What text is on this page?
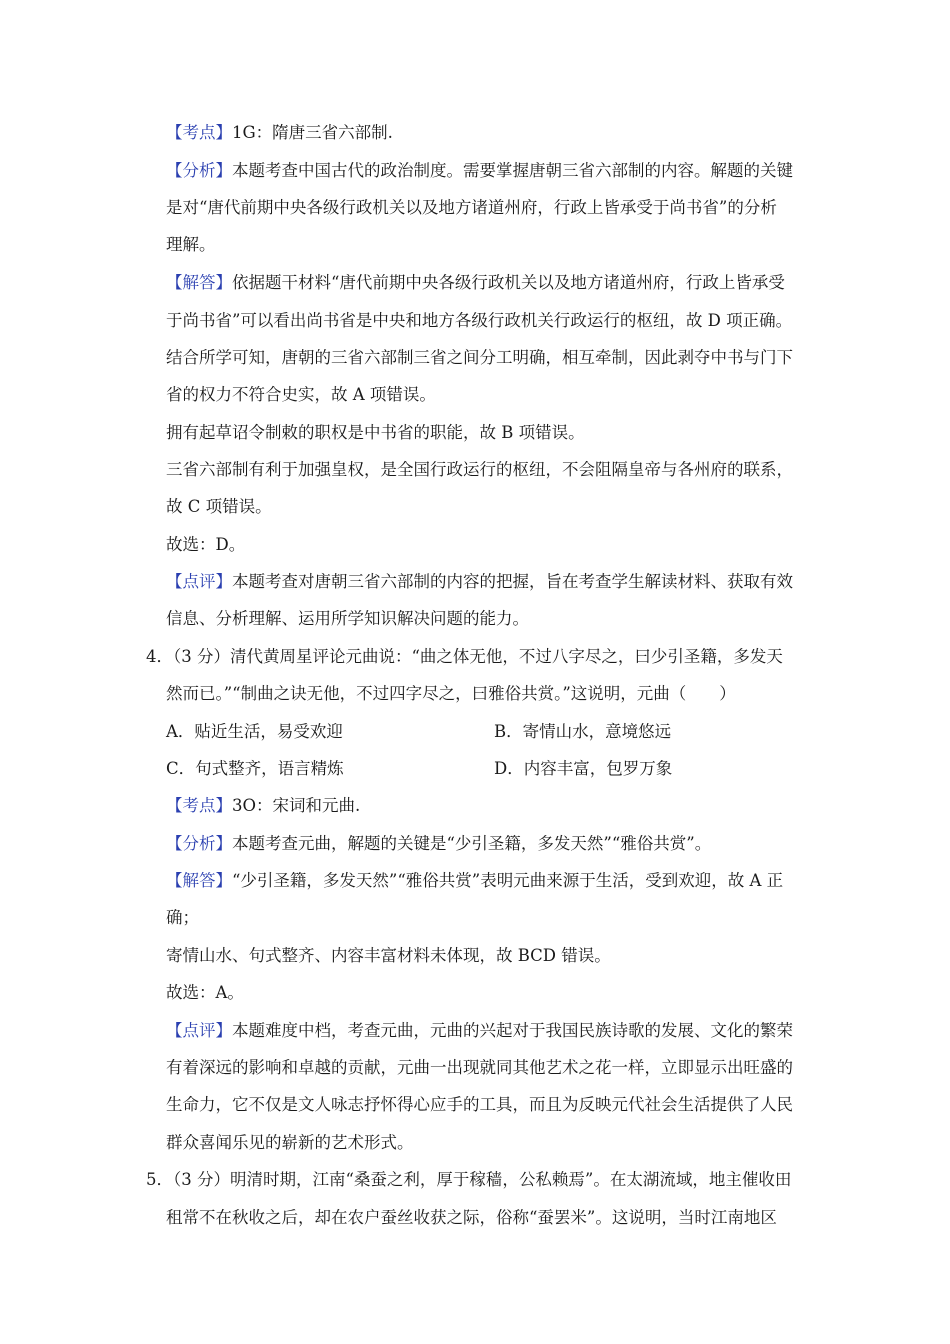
【考点】1G：隋唐三省六部制.
【分析】本题考查中国古代的政治制度。需要掌握唐朝三省六部制的内容。解题的关键
是对“唐代前期中央各级行政机关以及地方诸道州府，行政上皆承受于尚书省”的分析
理解。
【解答】依据题干材料“唐代前期中央各级行政机关以及地方诸道州府，行政上皆承受
于尚书省”可以看出尚书省是中央和地方各级行政机关行政运行的枢纽，故 D 项正确。
结合所学可知，唐朝的三省六部制三省之间分工明确，相互牵制，因此剥夺中书与门下
省的权力不符合史实，故 A 项错误。
拥有起草诏令制敕的职权是中书省的职能，故 B 项错误。
三省六部制有利于加强皇权，是全国行政运行的枢纽，不会阻隔皇帝与各州府的联系，
故 C 项错误。
故选：D。
【点评】本题考查对唐朝三省六部制的内容的把握，旨在考查学生解读材料、获取有效
信息、分析理解、运用所学知识解决问题的能力。
4．（3 分）清代黄周星评论元曲说：“曲之体无他，不过八字尽之，曰少引圣籍，多发天
然而已。”“制曲之诀无他，不过四字尽之，曰雅俗共赏。”这说明，元曲（　　）
A．贴近生活，易受欢迎	B．寄情山水，意境悠远
C．句式整齐，语言精炼	D．内容丰富，包罗万象
【考点】3O：宋词和元曲.
【分析】本题考查元曲，解题的关键是“少引圣籍，多发天然”“雅俗共赏”。
【解答】“少引圣籍，多发天然”“雅俗共赏”表明元曲来源于生活，受到欢迎，故 A 正
确；
寄情山水、句式整齐、内容丰富材料未体现，故 BCD 错误。
故选：A。
【点评】本题难度中档，考查元曲，元曲的兴起对于我国民族诗歌的发展、文化的繁荣
有着深远的影响和卓越的贡献，元曲一出现就同其他艺术之花一样，立即显示出旺盛的
生命力，它不仅是文人咏志抒怀得心应手的工具，而且为反映元代社会生活提供了人民
群众喜闻乐见的崭新的艺术形式。
5．（3 分）明清时期，江南“桑蚕之利，厚于稼穑，公私赖焉”。在太湖流域，地主催收田
租常不在秋收之后，却在农户蚕丝收获之际，俗称“蚕罢米”。这说明，当时江南地区
